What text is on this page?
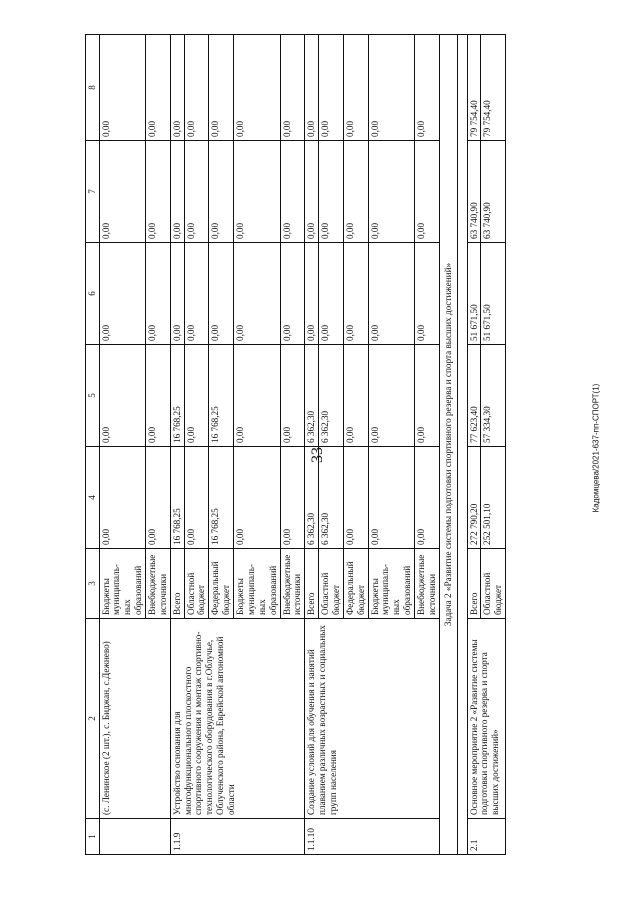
33	Кадомцева/2021-637-пп-СПОРТ(1)
1	2	3	4	5	6	7	8
	(с. Ленинское (2 шт.), с. Биджан, с.Дежнево)	Бюджеты муниципаль-ных образований	0,00	0,00	0,00	0,00	0,00
		Внебюджетные источники	0,00	0,00	0,00	0,00	0,00
1.1.9	Устройство основания для многофункционального плоскостного спортивного сооружения и монтаж спортивно-технологического оборудования в г.Облучье, Облученского района, Еврейской автономной области	Всего	16 768,25	16 768,25	0,00	0,00	0,00
		Областной бюджет	0,00	0,00	0,00	0,00	0,00
		Федеральный бюджет	16 768,25	16 768,25	0,00	0,00	0,00
		Бюджеты муниципаль-ных образований	0,00	0,00	0,00	0,00	0,00
		Внебюджетные источники	0,00	0,00	0,00	0,00	0,00
1.1.10	Создание условий для обучения и занятий плаванием различных возрастных и социальных групп населения	Всего	6 362,30	6 362,30	0,00	0,00	0,00
		Областной бюджет	6 362,30	6 362,30	0,00	0,00	0,00
		Федеральный бюджет	0,00	0,00	0,00	0,00	0,00
		Бюджеты муниципаль-ных образований	0,00	0,00	0,00	0,00	0,00
		Внебюджетные источники	0,00	0,00	0,00	0,00	0,00
Задача 2 «Развитие системы подготовки спортивного резерва и спорта высших достижений»							

2.1	Основное мероприятие 2 «Развитие системы подготовки спортивного резерва и спорта высших достижений»	Всего	272 790,20	77 623,40	51 671,50	63 740,90	79 754,40
		Областной бюджет	252 501,10	57 334,30	51 671,50	63 740,90	79 754,40
